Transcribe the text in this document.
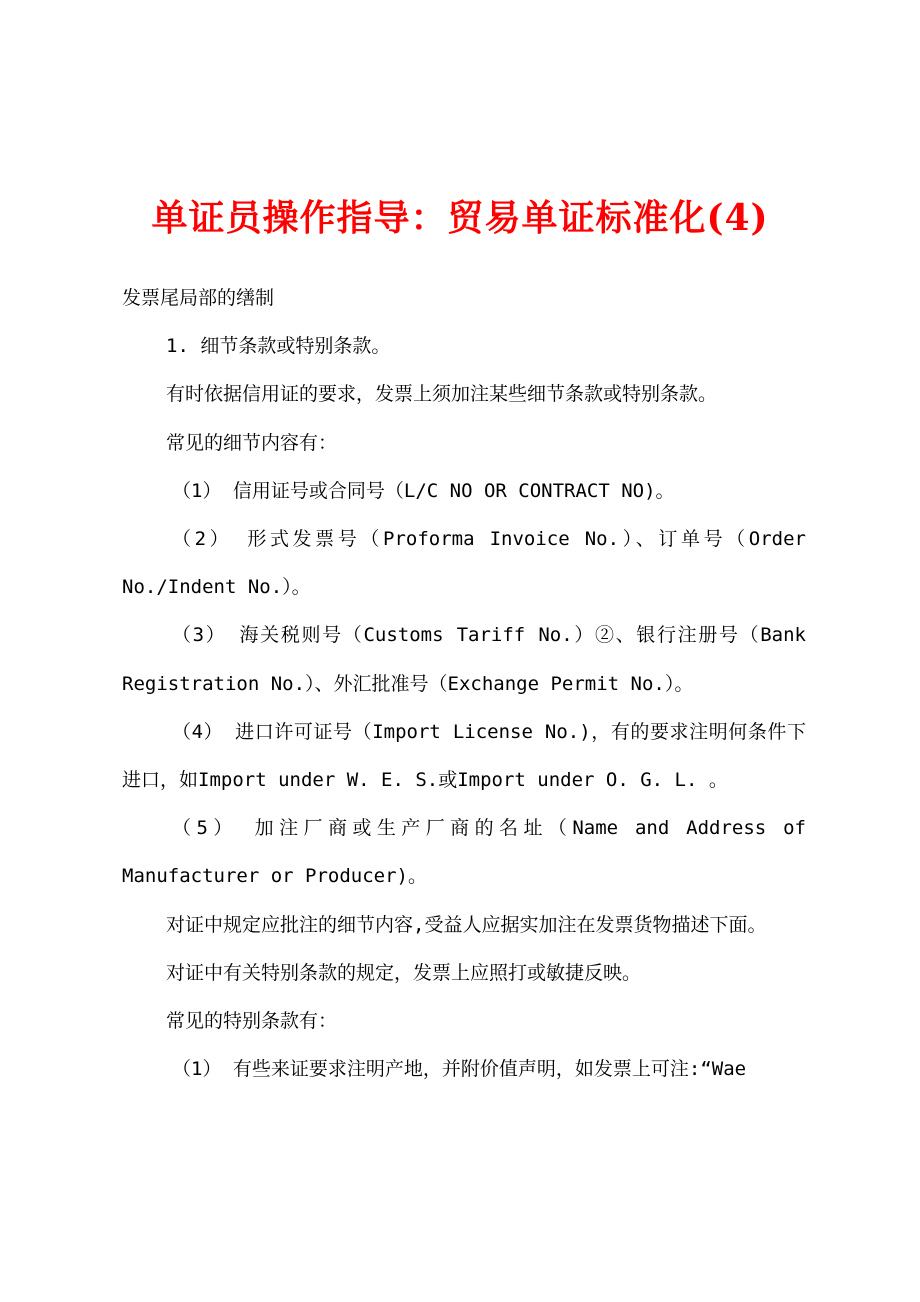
单证员操作指导：贸易单证标准化(4)

发票尾局部的缮制

1. 细节条款或特别条款。

有时依据信用证的要求，发票上须加注某些细节条款或特别条款。

常见的细节内容有：

（1） 信用证号或合同号（L/C NO OR CONTRACT NO)。

（2） 形式发票号（Proforma Invoice No.）、订单号（Order No./Indent No.）。

（3） 海关税则号（Customs Tariff No.）②、银行注册号（Bank Registration No.）、外汇批准号（Exchange Permit No.）。

（4） 进口许可证号（Import License No.)，有的要求注明何条件下进口，如Import under W. E. S.或Import under O. G. L. 。

（5） 加注厂商或生产厂商的名址（Name and Address of Manufacturer or Producer)。

对证中规定应批注的细节内容,受益人应据实加注在发票货物描述下面。

对证中有关特别条款的规定，发票上应照打或敏捷反映。

常见的特别条款有：

（1） 有些来证要求注明产地，并附价值声明，如发票上可注:“Wae
